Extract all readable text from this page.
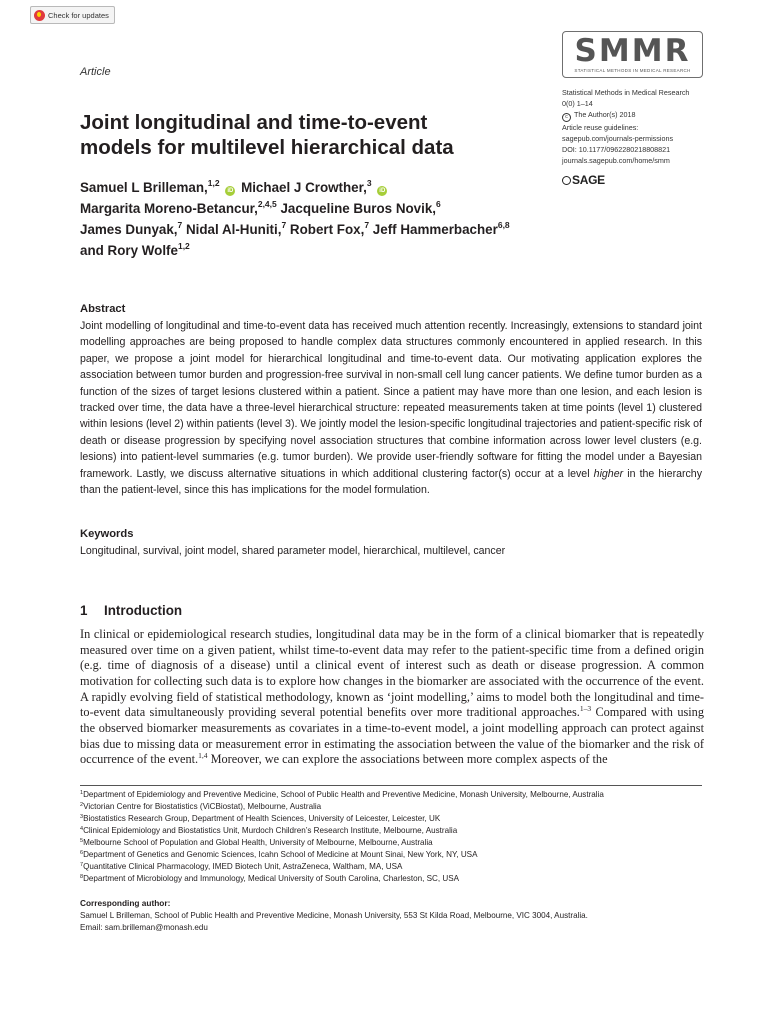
Check for updates
Article
SMMR
STATISTICAL METHODS IN MEDICAL RESEARCH
Statistical Methods in Medical Research
0(0) 1–14
c The Author(s) 2018
Article reuse guidelines:
sagepub.com/journals-permissions
DOI: 10.1177/0962280218808821
journals.sagepub.com/home/smm
SAGE
Joint longitudinal and time-to-event
models for multilevel hierarchical data
Samuel L Brilleman,$^{1,2}$ iD Michael J Crowther,$^3$ iD
Margarita Moreno-Betancur,$^{2,4,5}$ Jacqueline Buros Novik,$^6$
James Dunyak,$^7$ Nidal Al-Huniti,$^7$ Robert Fox,$^7$ Jeff Hammerbacher$^{6,8}$
and Rory Wolfe$^{1,2}$
Abstract
Joint modelling of longitudinal and time-to-event data has received much attention recently. Increasingly, extensions to standard joint modelling approaches are being proposed to handle complex data structures commonly encountered in applied research. In this paper, we propose a joint model for hierarchical longitudinal and time-to-event data. Our motivating application explores the association between tumor burden and progression-free survival in non-small cell lung cancer patients. We define tumor burden as a function of the sizes of target lesions clustered within a patient. Since a patient may have more than one lesion, and each lesion is tracked over time, the data have a three-level hierarchical structure: repeated measurements taken at time points (level 1) clustered within lesions (level 2) within patients (level 3). We jointly model the lesion-specific longitudinal trajectories and patient-specific risk of death or disease progression by specifying novel association structures that combine information across lower level clusters (e.g. lesions) into patient-level summaries (e.g. tumor burden). We provide user-friendly software for fitting the model under a Bayesian framework. Lastly, we discuss alternative situations in which additional clustering factor(s) occur at a level higher in the hierarchy than the patient-level, since this has implications for the model formulation.
Keywords
Longitudinal, survival, joint model, shared parameter model, hierarchical, multilevel, cancer
1 Introduction
In clinical or epidemiological research studies, longitudinal data may be in the form of a clinical biomarker that is repeatedly measured over time on a given patient, whilst time-to-event data may refer to the patient-specific time from a defined origin (e.g. time of diagnosis of a disease) until a clinical event of interest such as death or disease progression. A common motivation for collecting such data is to explore how changes in the biomarker are associated with the occurrence of the event. A rapidly evolving field of statistical methodology, known as ‘joint modelling,’ aims to model both the longitudinal and time-to-event data simultaneously providing several potential benefits over more traditional approaches.$^{1-3}$ Compared with using the observed biomarker measurements as covariates in a time-to-event model, a joint modelling approach can protect against bias due to missing data or measurement error in estimating the association between the value of the biomarker and the risk of occurrence of the event.$^{1,4}$ Moreover, we can explore the associations between more complex aspects of the
$^1$Department of Epidemiology and Preventive Medicine, School of Public Health and Preventive Medicine, Monash University, Melbourne, Australia
$^2$Victorian Centre for Biostatistics (ViCBiostat), Melbourne, Australia
$^3$Biostatistics Research Group, Department of Health Sciences, University of Leicester, Leicester, UK
$^4$Clinical Epidemiology and Biostatistics Unit, Murdoch Children’s Research Institute, Melbourne, Australia
$^5$Melbourne School of Population and Global Health, University of Melbourne, Melbourne, Australia
$^6$Department of Genetics and Genomic Sciences, Icahn School of Medicine at Mount Sinai, New York, NY, USA
$^7$Quantitative Clinical Pharmacology, IMED Biotech Unit, AstraZeneca, Waltham, MA, USA
$^8$Department of Microbiology and Immunology, Medical University of South Carolina, Charleston, SC, USA
Corresponding author:
Samuel L Brilleman, School of Public Health and Preventive Medicine, Monash University, 553 St Kilda Road, Melbourne, VIC 3004, Australia.
Email: sam.brilleman@monash.edu
